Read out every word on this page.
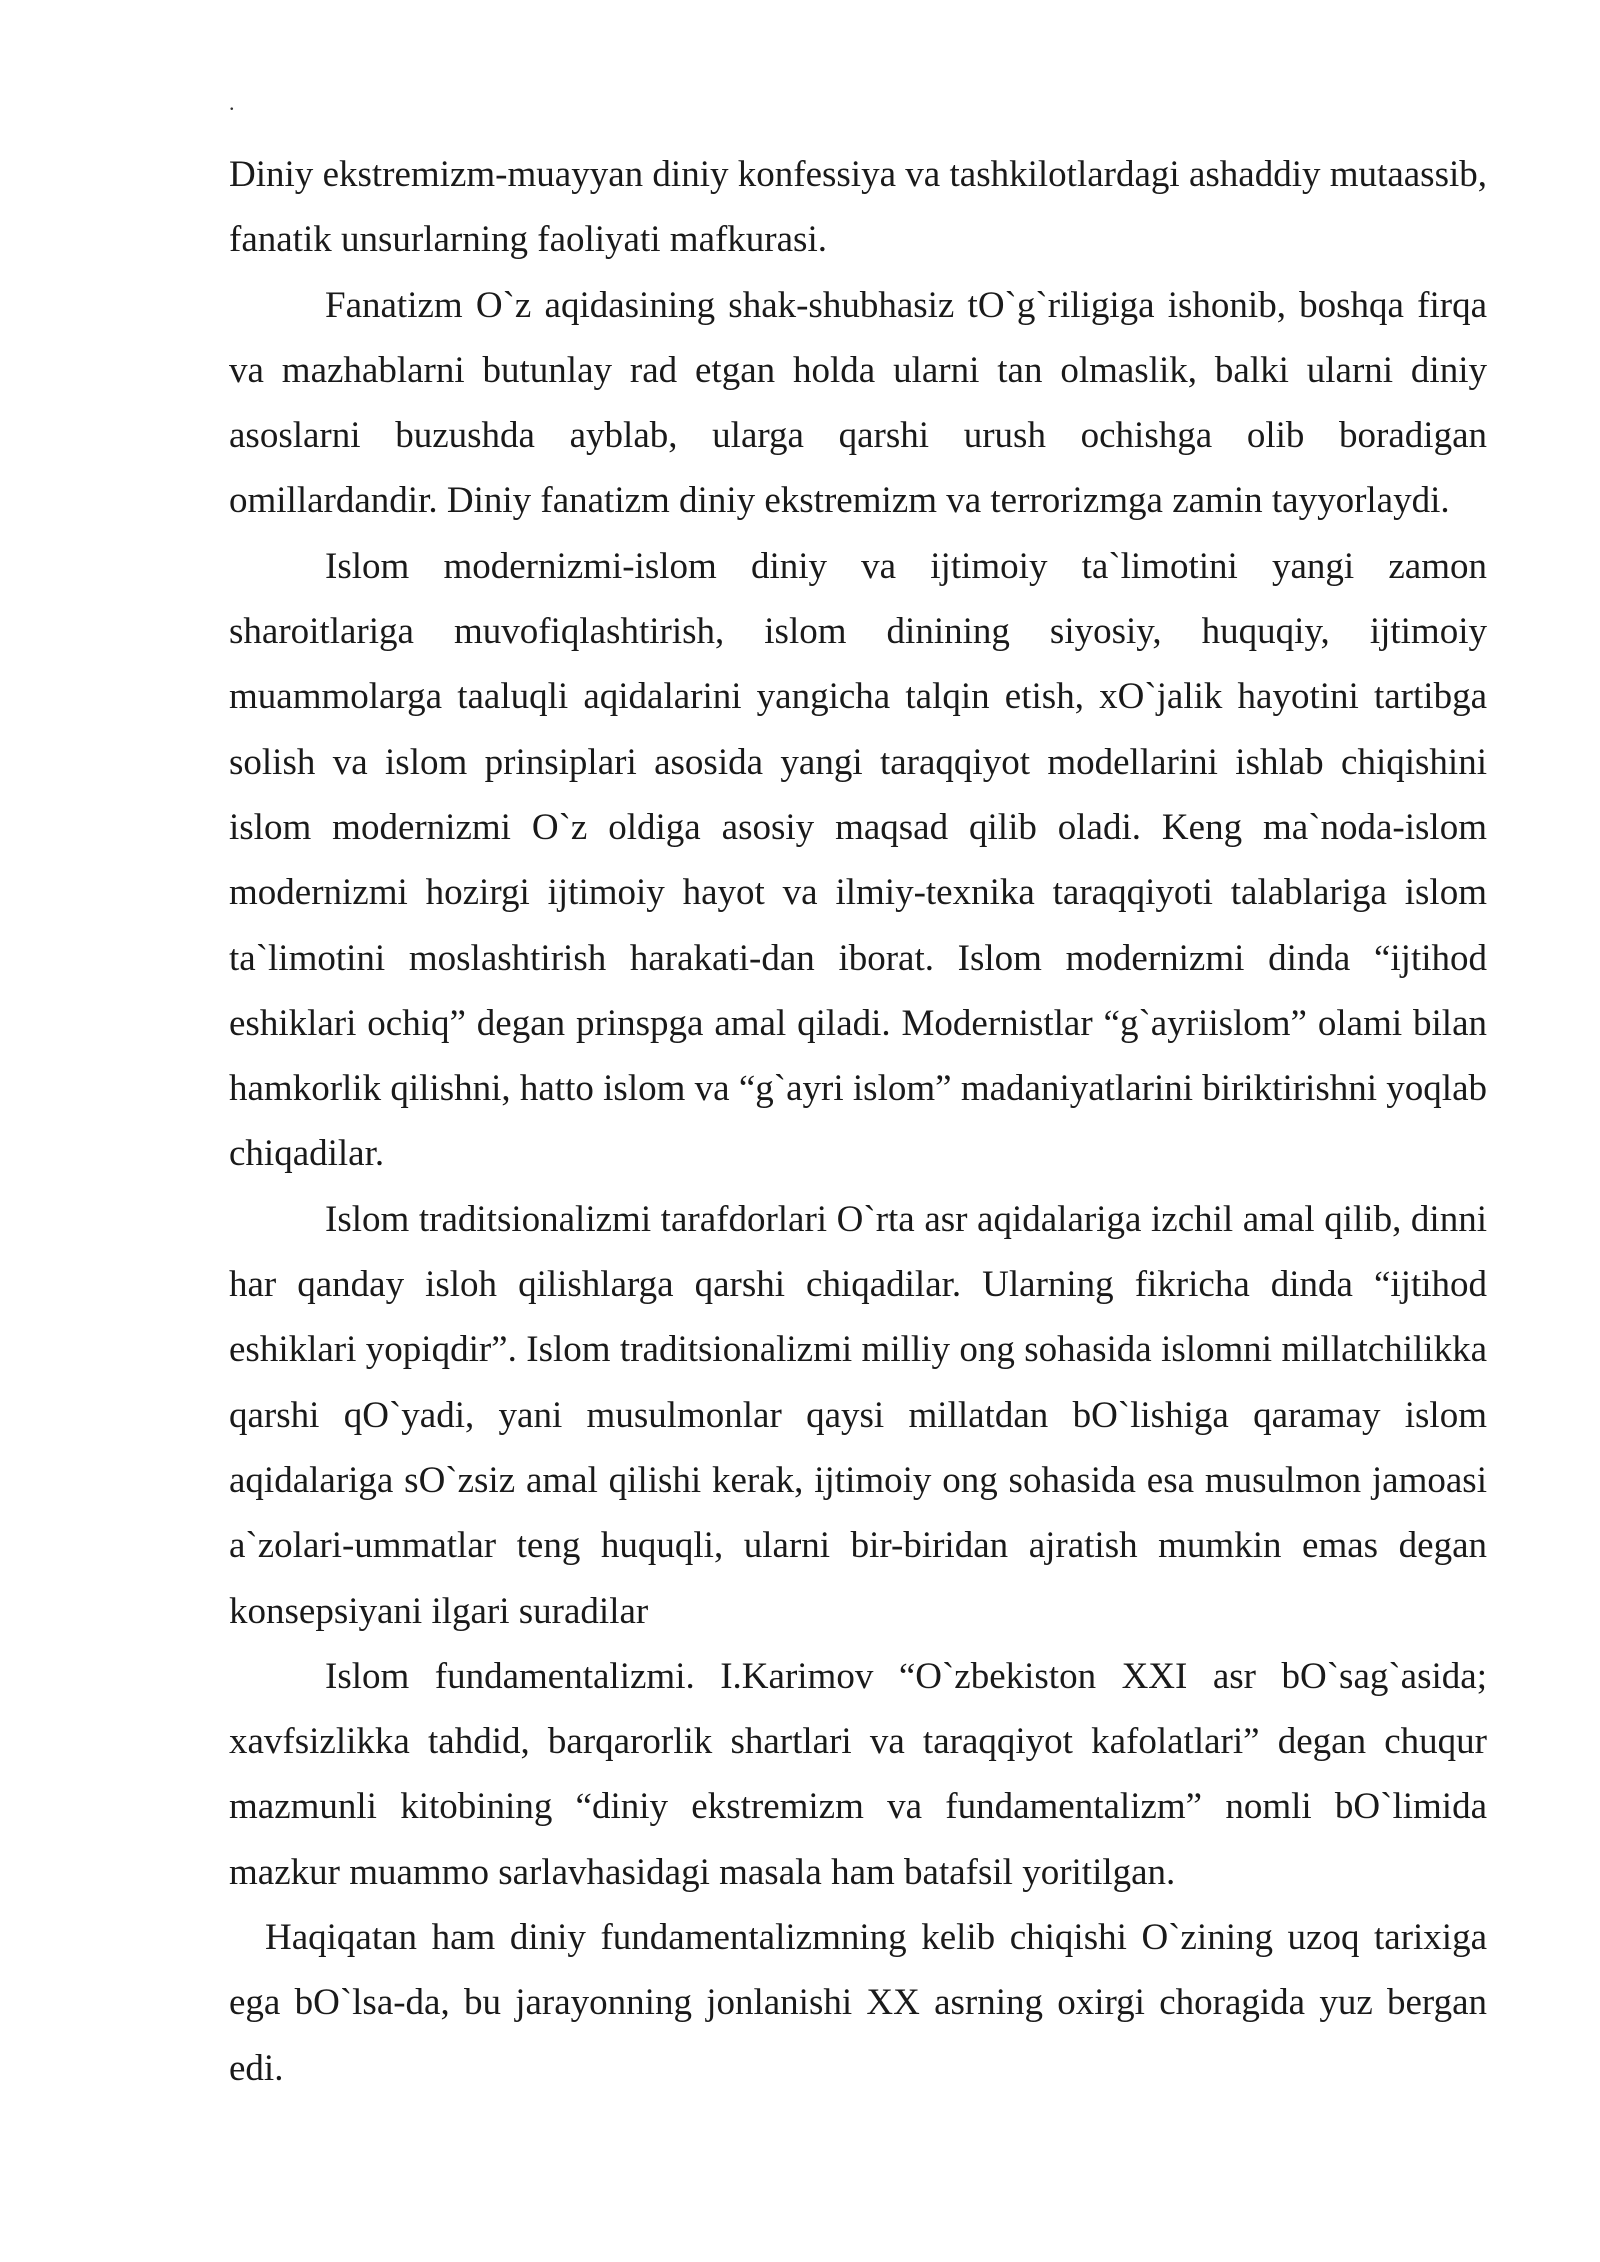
.

Diniy ekstremizm-muayyan diniy konfessiya va tashkilotlardagi ashaddiy mutaassib, fanatik unsurlarning faoliyati mafkurasi.

Fanatizm O`z aqidasining shak-shubhasiz tO`g`riligiga ishonib, boshqa firqa va mazhablarni butunlay rad etgan holda ularni tan olmaslik, balki ularni diniy asoslarni buzushda ayblab, ularga qarshi urush ochishga olib boradigan omillardandir. Diniy fanatizm diniy ekstremizm va terrorizmga zamin tayyorlaydi.

Islom modernizmi-islom diniy va ijtimoiy ta`limotini yangi zamon sharoitlariga muvofiqlashtirish, islom dinining siyosiy, huquqiy, ijtimoiy muammolarga taaluqli aqidalarini yangicha talqin etish, xO`jalik hayotini tartibga solish va islom prinsiplari asosida yangi taraqqiyot modellarini ishlab chiqishini islom modernizmi O`z oldiga asosiy maqsad qilib oladi. Keng ma`noda-islom modernizmi hozirgi ijtimoiy hayot va ilmiy-texnika taraqqiyoti talablariga islom ta`limotini moslashtirish harakati-dan iborat. Islom modernizmi dinda “ijtihod eshiklari ochiq” degan prinspga amal qiladi. Modernistlar “g`ayriislom” olami bilan hamkorlik qilishni, hatto islom va “g`ayri islom” madaniyatlarini biriktirishni yoqlab chiqadilar.

Islom traditsionalizmi tarafdorlari O`rta asr aqidalariga izchil amal qilib, dinni har qanday isloh qilishlarga qarshi chiqadilar. Ularning fikricha dinda “ijtihod eshiklari yopiqdir”. Islom traditsionalizmi milliy ong sohasida islomni millatchilikka qarshi qO`yadi, yani musulmonlar qaysi millatdan bO`lishiga qaramay islom aqidalariga sO`zsiz amal qilishi kerak, ijtimoiy ong sohasida esa musulmon jamoasi a`zolari-ummatlar teng huquqli, ularni bir-biridan ajratish mumkin emas degan konsepsiyani ilgari suradilar

Islom fundamentalizmi. I.Karimov “O`zbekiston XXI asr bO`sag`asida; xavfsizlikka tahdid, barqarorlik shartlari va taraqqiyot kafolatlari” degan chuqur mazmunli kitobining “diniy ekstremizm va fundamentalizm” nomli bO`limida mazkur muammo sarlavhasidagi masala ham batafsil yoritilgan.

Haqiqatan ham diniy fundamentalizmning kelib chiqishi O`zining uzoq tarixiga ega bO`lsa-da, bu jarayonning jonlanishi XX asrning oxirgi choragida yuz bergan edi.
